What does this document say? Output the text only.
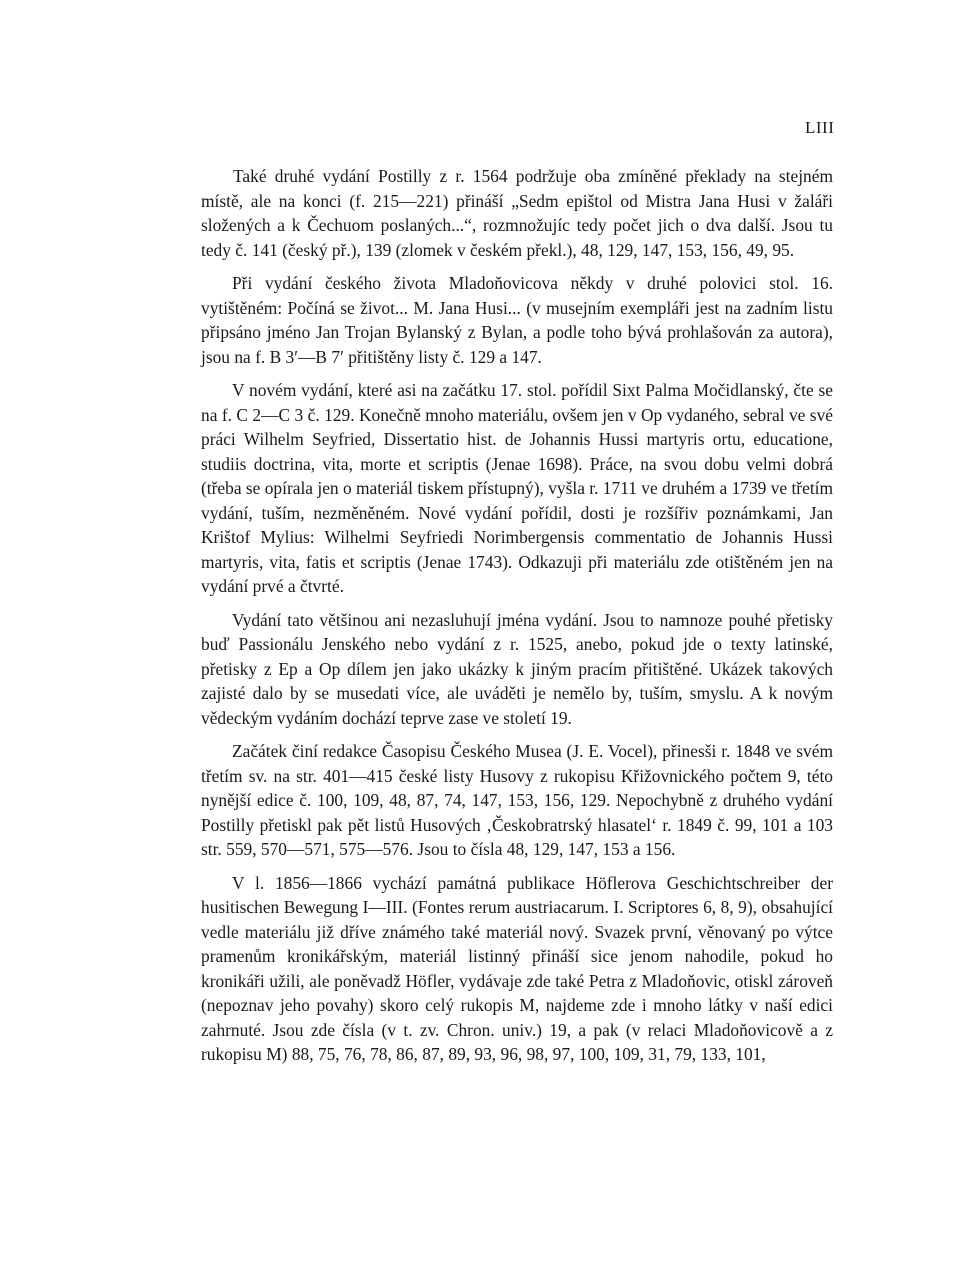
LIII

Také druhé vydání Postilly z r. 1564 podržuje oba zmíněné překlady na stejném místě, ale na konci (f. 215—221) přináší „Sedm epištol od Mistra Jana Husi v žaláři složených a k Čechuom poslaných...“, rozmnožujíc tedy počet jich o dva další. Jsou tu tedy č. 141 (český př.), 139 (zlomek v českém překl.), 48, 129, 147, 153, 156, 49, 95.

Při vydání českého života Mladoňovicova někdy v druhé polovici stol. 16. vytištěném: Počíná se život... M. Jana Husi... (v musejním exempláři jest na zadním listu připsáno jméno Jan Trojan Bylanský z Bylan, a podle toho bývá prohlašován za autora), jsou na f. B 3′—B 7′ přitištěny listy č. 129 a 147.

V novém vydání, které asi na začátku 17. stol. pořídil Sixt Palma Močidlanský, čte se na f. C 2—C 3 č. 129. Konečně mnoho materiálu, ovšem jen v Op vydaného, sebral ve své práci Wilhelm Seyfried, Dissertatio hist. de Johannis Hussi martyris ortu, educatione, studiis doctrina, vita, morte et scriptis (Jenae 1698). Práce, na svou dobu velmi dobrá (třeba se opírala jen o materiál tiskem přístupný), vyšla r. 1711 ve druhém a 1739 ve třetím vydání, tuším, nezměněném. Nové vydání pořídil, dosti je rozšířiv poznámkami, Jan Krištof Mylius: Wilhelmi Seyfriedi Norimbergensis commentatio de Johannis Hussi martyris, vita, fatis et scriptis (Jenae 1743). Odkazuji při materiálu zde otištěném jen na vydání prvé a čtvrté.

Vydání tato většinou ani nezasluhují jména vydání. Jsou to namnoze pouhé přetisky buď Passionálu Jenského nebo vydání z r. 1525, anebo, pokud jde o texty latinské, přetisky z Ep a Op dílem jen jako ukázky k jiným pracím přitištěné. Ukázek takových zajisté dalo by se musedati více, ale uváděti je nemělo by, tuším, smyslu. A k novým vědeckým vydáním dochází teprve zase ve století 19.

Začátek činí redakce Časopisu Českého Musea (J. E. Vocel), přinesši r. 1848 ve svém třetím sv. na str. 401—415 české listy Husovy z rukopisu Křižovnického počtem 9, této nynější edice č. 100, 109, 48, 87, 74, 147, 153, 156, 129. Nepochybně z druhého vydání Postilly přetiskl pak pět listů Husových ‚Českobratrský hlasatel‘ r. 1849 č. 99, 101 a 103 str. 559, 570—571, 575—576. Jsou to čísla 48, 129, 147, 153 a 156.

V l. 1856—1866 vychází památná publikace Höflerova Geschichtschreiber der husitischen Bewegung I—III. (Fontes rerum austriacarum. I. Scriptores 6, 8, 9), obsahující vedle materiálu již dříve známého také materiál nový. Svazek první, věnovaný po výtce pramenům kronikářským, materiál listinný přináší sice jenom nahodile, pokud ho kronikáři užili, ale poněvadž Höfler, vydávaje zde také Petra z Mladoňovic, otiskl zároveň (nepoznav jeho povahy) skoro celý rukopis M, najdeme zde i mnoho látky v naší edici zahrnuté. Jsou zde čísla (v t. zv. Chron. univ.) 19, a pak (v relaci Mladoňovicově a z rukopisu M) 88, 75, 76, 78, 86, 87, 89, 93, 96, 98, 97, 100, 109, 31, 79, 133, 101,
